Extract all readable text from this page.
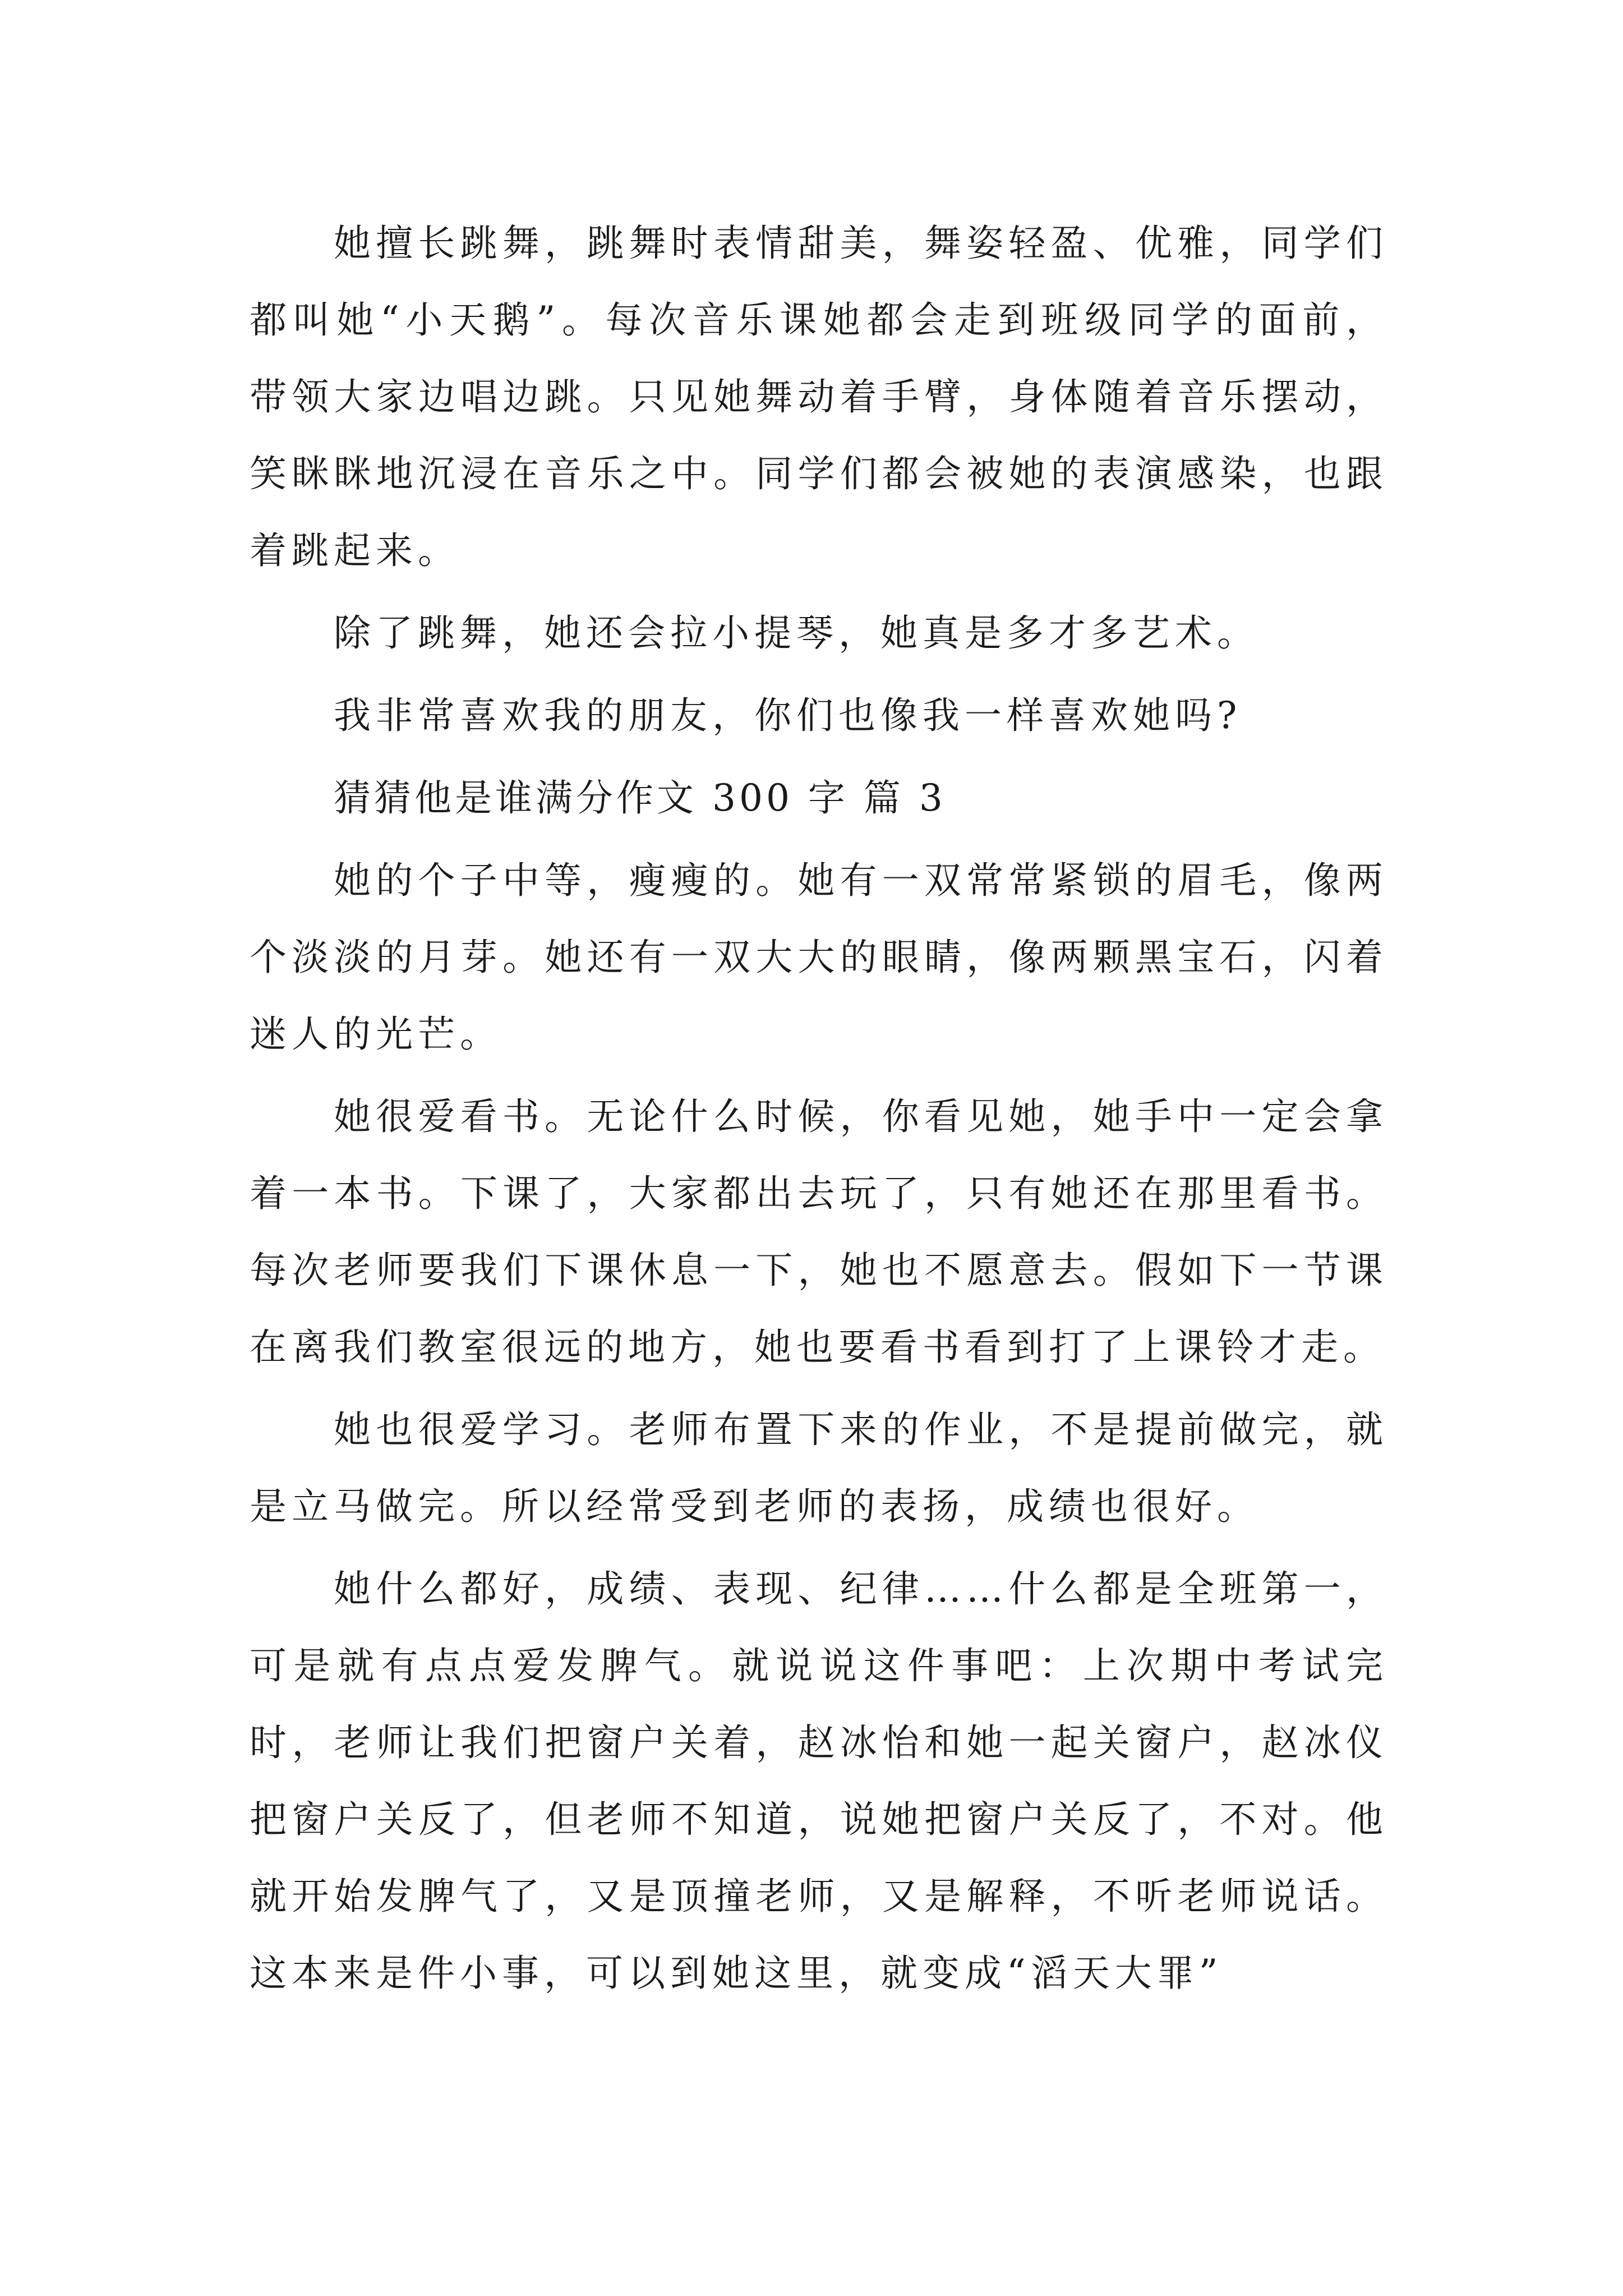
她擅长跳舞，跳舞时表情甜美，舞姿轻盈、优雅，同学们都叫她“小天鹅”。每次音乐课她都会走到班级同学的面前，带领大家边唱边跳。只见她舞动着手臂，身体随着音乐摆动，笑眯眯地沉浸在音乐之中。同学们都会被她的表演感染，也跟着跳起来。

除了跳舞，她还会拉小提琴，她真是多才多艺术。

我非常喜欢我的朋友，你们也像我一样喜欢她吗?

猜猜他是谁满分作文 300 字 篇 3

她的个子中等，瘦瘦的。她有一双常常紧锁的眉毛，像两个淡淡的月芽。她还有一双大大的眼睛，像两颗黑宝石，闪着迷人的光芒。

她很爱看书。无论什么时候，你看见她，她手中一定会拿着一本书。下课了，大家都出去玩了，只有她还在那里看书。每次老师要我们下课休息一下，她也不愿意去。假如下一节课在离我们教室很远的地方，她也要看书看到打了上课铃才走。

她也很爱学习。老师布置下来的作业，不是提前做完，就是立马做完。所以经常受到老师的表扬，成绩也很好。

她什么都好，成绩、表现、纪律……什么都是全班第一，可是就有点点爱发脾气。就说说这件事吧：上次期中考试完时，老师让我们把窗户关着，赵冰怡和她一起关窗户，赵冰仪把窗户关反了，但老师不知道，说她把窗户关反了，不对。他就开始发脾气了，又是顶撞老师，又是解释，不听老师说话。这本来是件小事，可以到她这里，就变成“滔天大罪”
